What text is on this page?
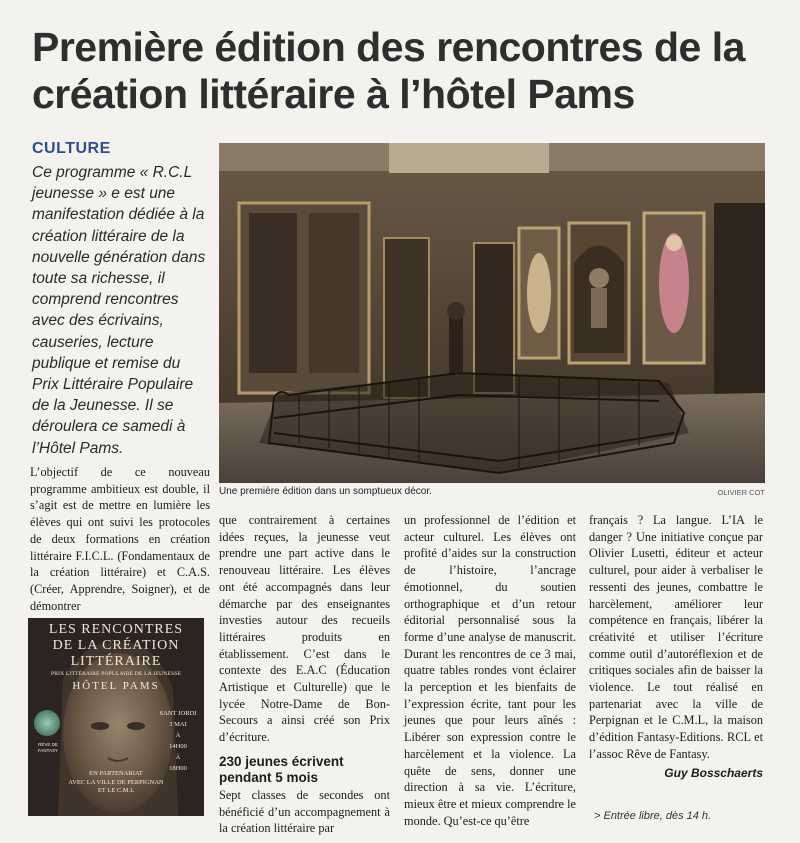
Première édition des rencontres de la création littéraire à l’hôtel Pams
CULTURE
Ce programme « R.C.L jeunesse » e est une manifestation dédiée à la création littéraire de la nouvelle génération dans toute sa richesse, il comprend rencontres avec des écrivains, causeries, lecture publique et remise du Prix Littéraire Populaire de la Jeunesse. Il se déroulera ce samedi à l’Hôtel Pams.
Une première édition dans un somptueux décor.	OLIVIER COT

L’objectif de ce nouveau programme ambitieux est double, il s’agit est de mettre en lumière les élèves qui ont suivi les protocoles de deux formations en création littéraire F.I.C.L. (Fondamentaux de la création littéraire) et C.A.S. (Créer, Apprendre, Soigner), et de démontrer

LES RENCONTRES
DE LA CRÉATION
LITTÉRAIRE
PRIX LITTÉRAIRE POPULAIRE DE LA JEUNESSE
HÔTEL PAMS
RÊVE DE FANTASY
SANT JORDI
3 MAI
À
14H00
À
18H00
EN PARTENARIAT
AVEC LA VILLE DE PERPIGNAN
ET LE C.M.L

que contrairement à certaines idées reçues, la jeunesse veut prendre une part active dans le renouveau littéraire. Les élèves ont été accompagnés dans leur démarche par des enseignantes investies autour des recueils littéraires produits en établissement. C’est dans le contexte des E.A.C (Éducation Artistique et Culturelle) que le lycée Notre-Dame de Bon-Secours a ainsi créé son Prix d’écriture.

230 jeunes écrivent pendant 5 mois

Sept classes de secondes ont bénéficié d’un accompagnement à la création littéraire par

un professionnel de l’édition et acteur culturel. Les élèves ont profité d’aides sur la construction de l’histoire, l’ancrage émotionnel, du soutien orthographique et d’un retour éditorial personnalisé sous la forme d’une analyse de manuscrit. Durant les rencontres de ce 3 mai, quatre tables rondes vont éclairer la perception et les bienfaits de l’expression écrite, tant pour les jeunes que pour leurs aînés : Libérer son expression contre le harcèlement et la violence. La quête de sens, donner une direction à sa vie. L’écriture, mieux être et mieux comprendre le monde. Qu’est-ce qu’être

français ? La langue. L’IA le danger ? Une initiative conçue par Olivier Lusetti, éditeur et acteur culturel, pour aider à verbaliser le ressenti des jeunes, combattre le harcèlement, améliorer leur compétence en français, libérer la créativité et utiliser l’écriture comme outil d’autoréflexion et de critiques sociales afin de baisser la violence. Le tout réalisé en partenariat avec la ville de Perpignan et le C.M.L, la maison d’édition Fantasy-Editions. RCL et l’assoc Rêve de Fantasy.

Guy Bosschaerts
> Entrée libre, dès 14 h.
